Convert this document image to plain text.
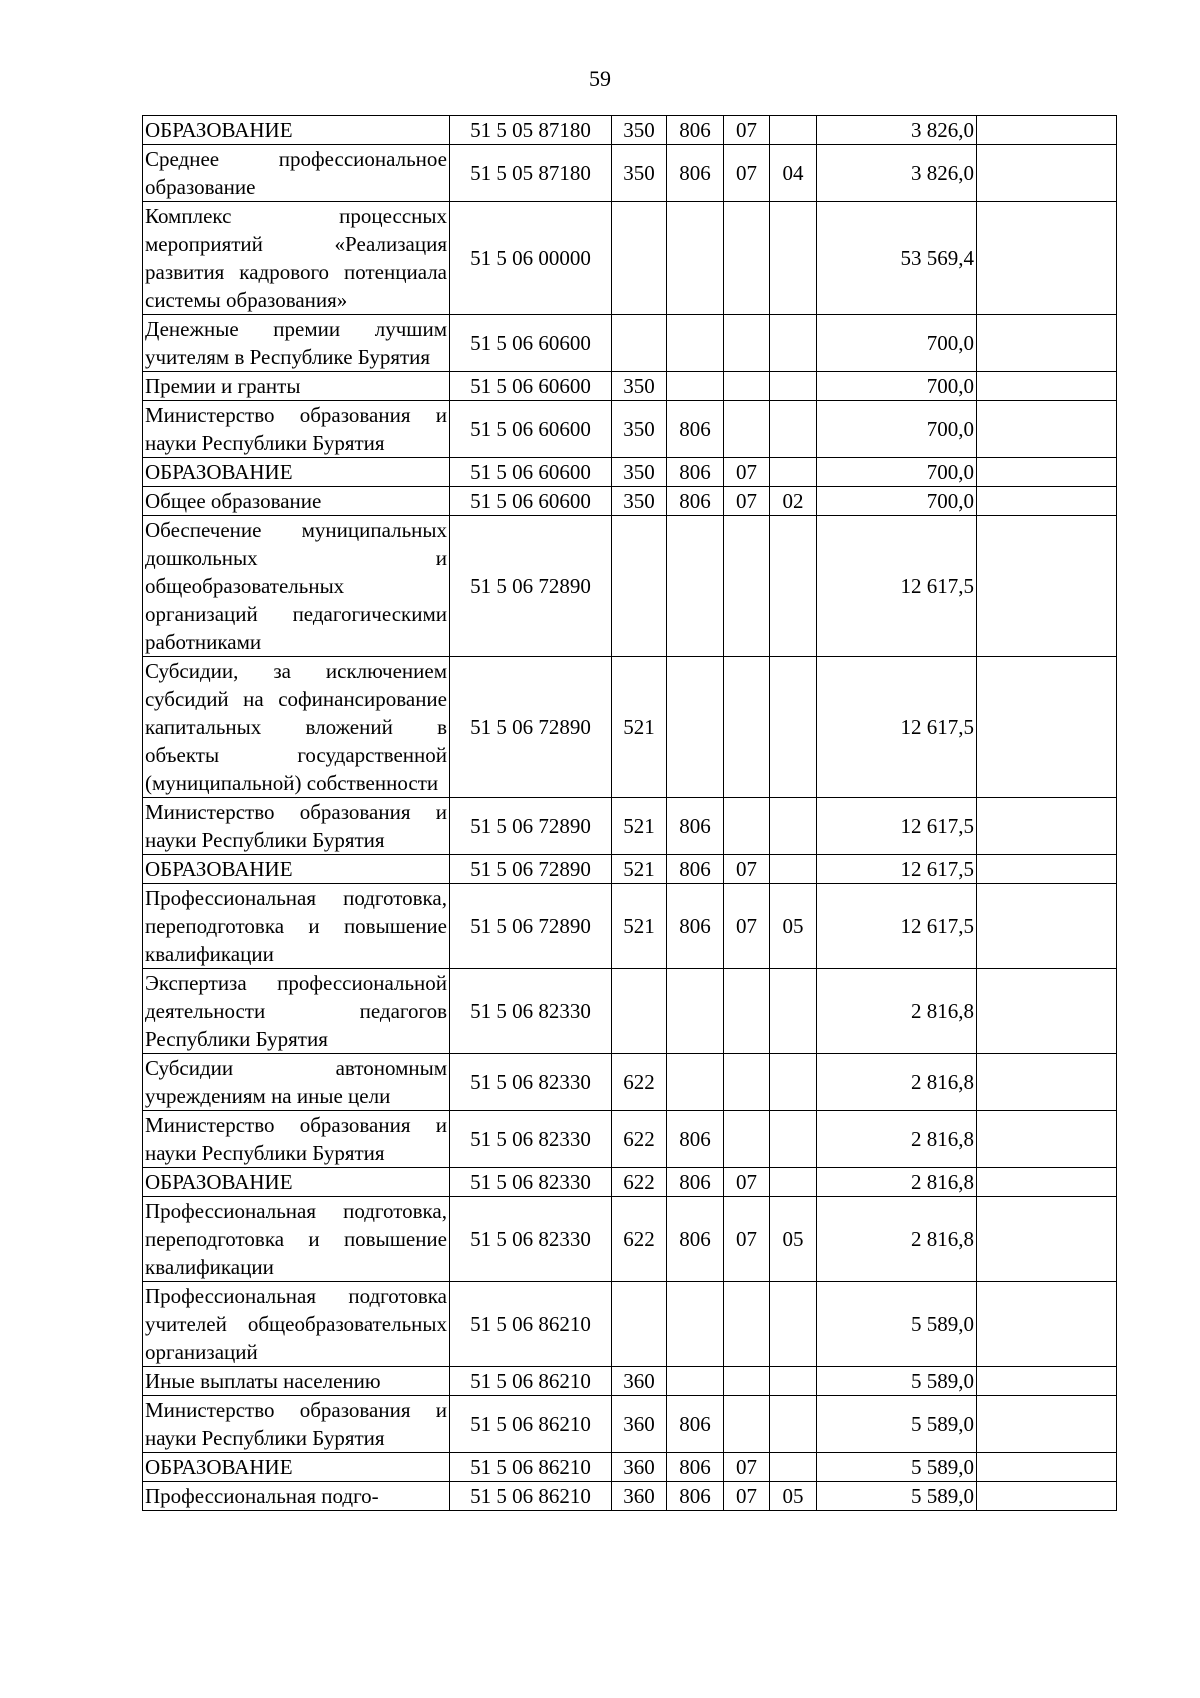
59
ОБРАЗОВАНИЕ	51 5 05 87180	350	806	07		3 826,0	
Среднее профессиональное образование	51 5 05 87180	350	806	07	04	3 826,0	
Комплекс процессных мероприятий «Реализация развития кадрового потенциала системы образования»	51 5 06 00000					53 569,4	
Денежные премии лучшим учителям в Республике Бурятия	51 5 06 60600					700,0	
Премии и гранты	51 5 06 60600	350				700,0	
Министерство образования и науки Республики Бурятия	51 5 06 60600	350	806			700,0	
ОБРАЗОВАНИЕ	51 5 06 60600	350	806	07		700,0	
Общее образование	51 5 06 60600	350	806	07	02	700,0	
Обеспечение муниципальных дошкольных и общеобразовательных организаций педагогическими работниками	51 5 06 72890					12 617,5	
Субсидии, за исключением субсидий на софинансирование капитальных вложений в объекты государственной (муниципальной) собственности	51 5 06 72890	521				12 617,5	
Министерство образования и науки Республики Бурятия	51 5 06 72890	521	806			12 617,5	
ОБРАЗОВАНИЕ	51 5 06 72890	521	806	07		12 617,5	
Профессиональная подготовка, переподготовка и повышение квалификации	51 5 06 72890	521	806	07	05	12 617,5	
Экспертиза профессиональной деятельности педагогов Республики Бурятия	51 5 06 82330					2 816,8	
Субсидии автономным учреждениям на иные цели	51 5 06 82330	622				2 816,8	
Министерство образования и науки Республики Бурятия	51 5 06 82330	622	806			2 816,8	
ОБРАЗОВАНИЕ	51 5 06 82330	622	806	07		2 816,8	
Профессиональная подготовка, переподготовка и повышение квалификации	51 5 06 82330	622	806	07	05	2 816,8	
Профессиональная подготовка учителей общеобразовательных организаций	51 5 06 86210					5 589,0	
Иные выплаты населению	51 5 06 86210	360				5 589,0	
Министерство образования и науки Республики Бурятия	51 5 06 86210	360	806			5 589,0	
ОБРАЗОВАНИЕ	51 5 06 86210	360	806	07		5 589,0	
Профессиональная подго-	51 5 06 86210	360	806	07	05	5 589,0	
